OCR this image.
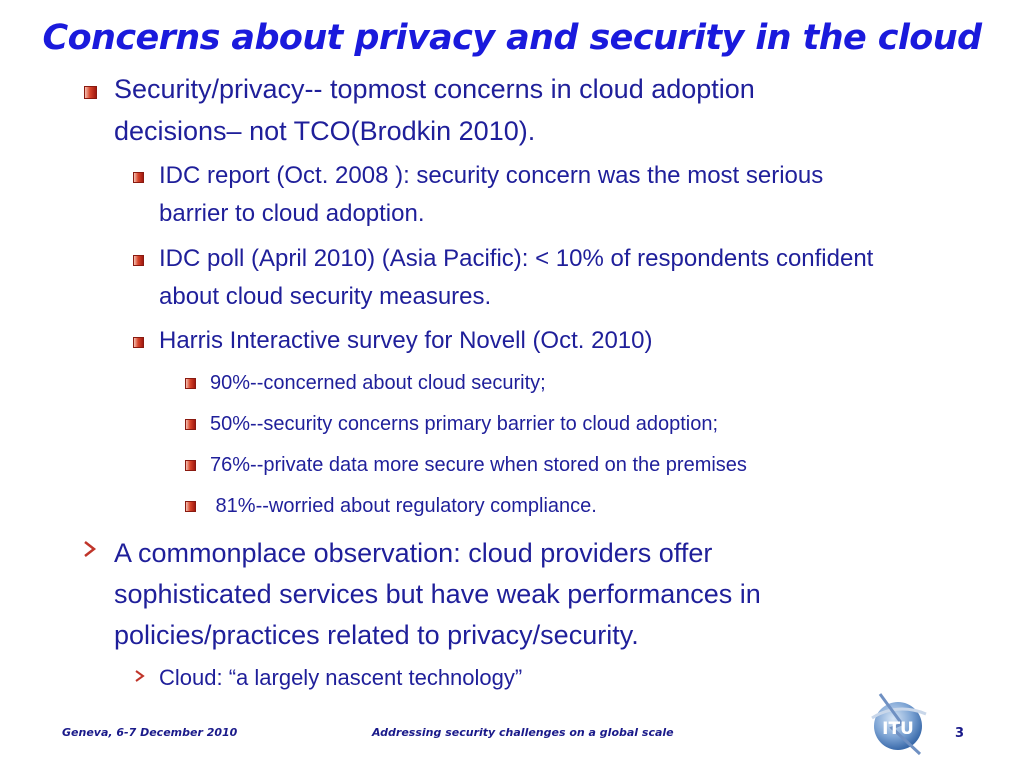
Concerns about privacy and security in the cloud
Security/privacy-- topmost concerns in cloud adoption
decisions– not TCO(Brodkin 2010).
IDC report (Oct. 2008 ): security concern was the most serious
barrier to cloud adoption.
IDC poll (April 2010) (Asia Pacific): < 10% of respondents confident
about cloud security measures.
Harris Interactive survey for Novell (Oct. 2010)
90%--concerned about cloud security;
50%--security concerns primary barrier to cloud adoption;
76%--private data more secure when stored on the premises
81%--worried about regulatory compliance.
A commonplace observation: cloud providers offer
sophisticated services but have weak performances in
policies/practices related to privacy/security.
Cloud: “a largely nascent technology”
Geneva, 6-7 December 2010	Addressing security challenges on a global scale	ITU	3
